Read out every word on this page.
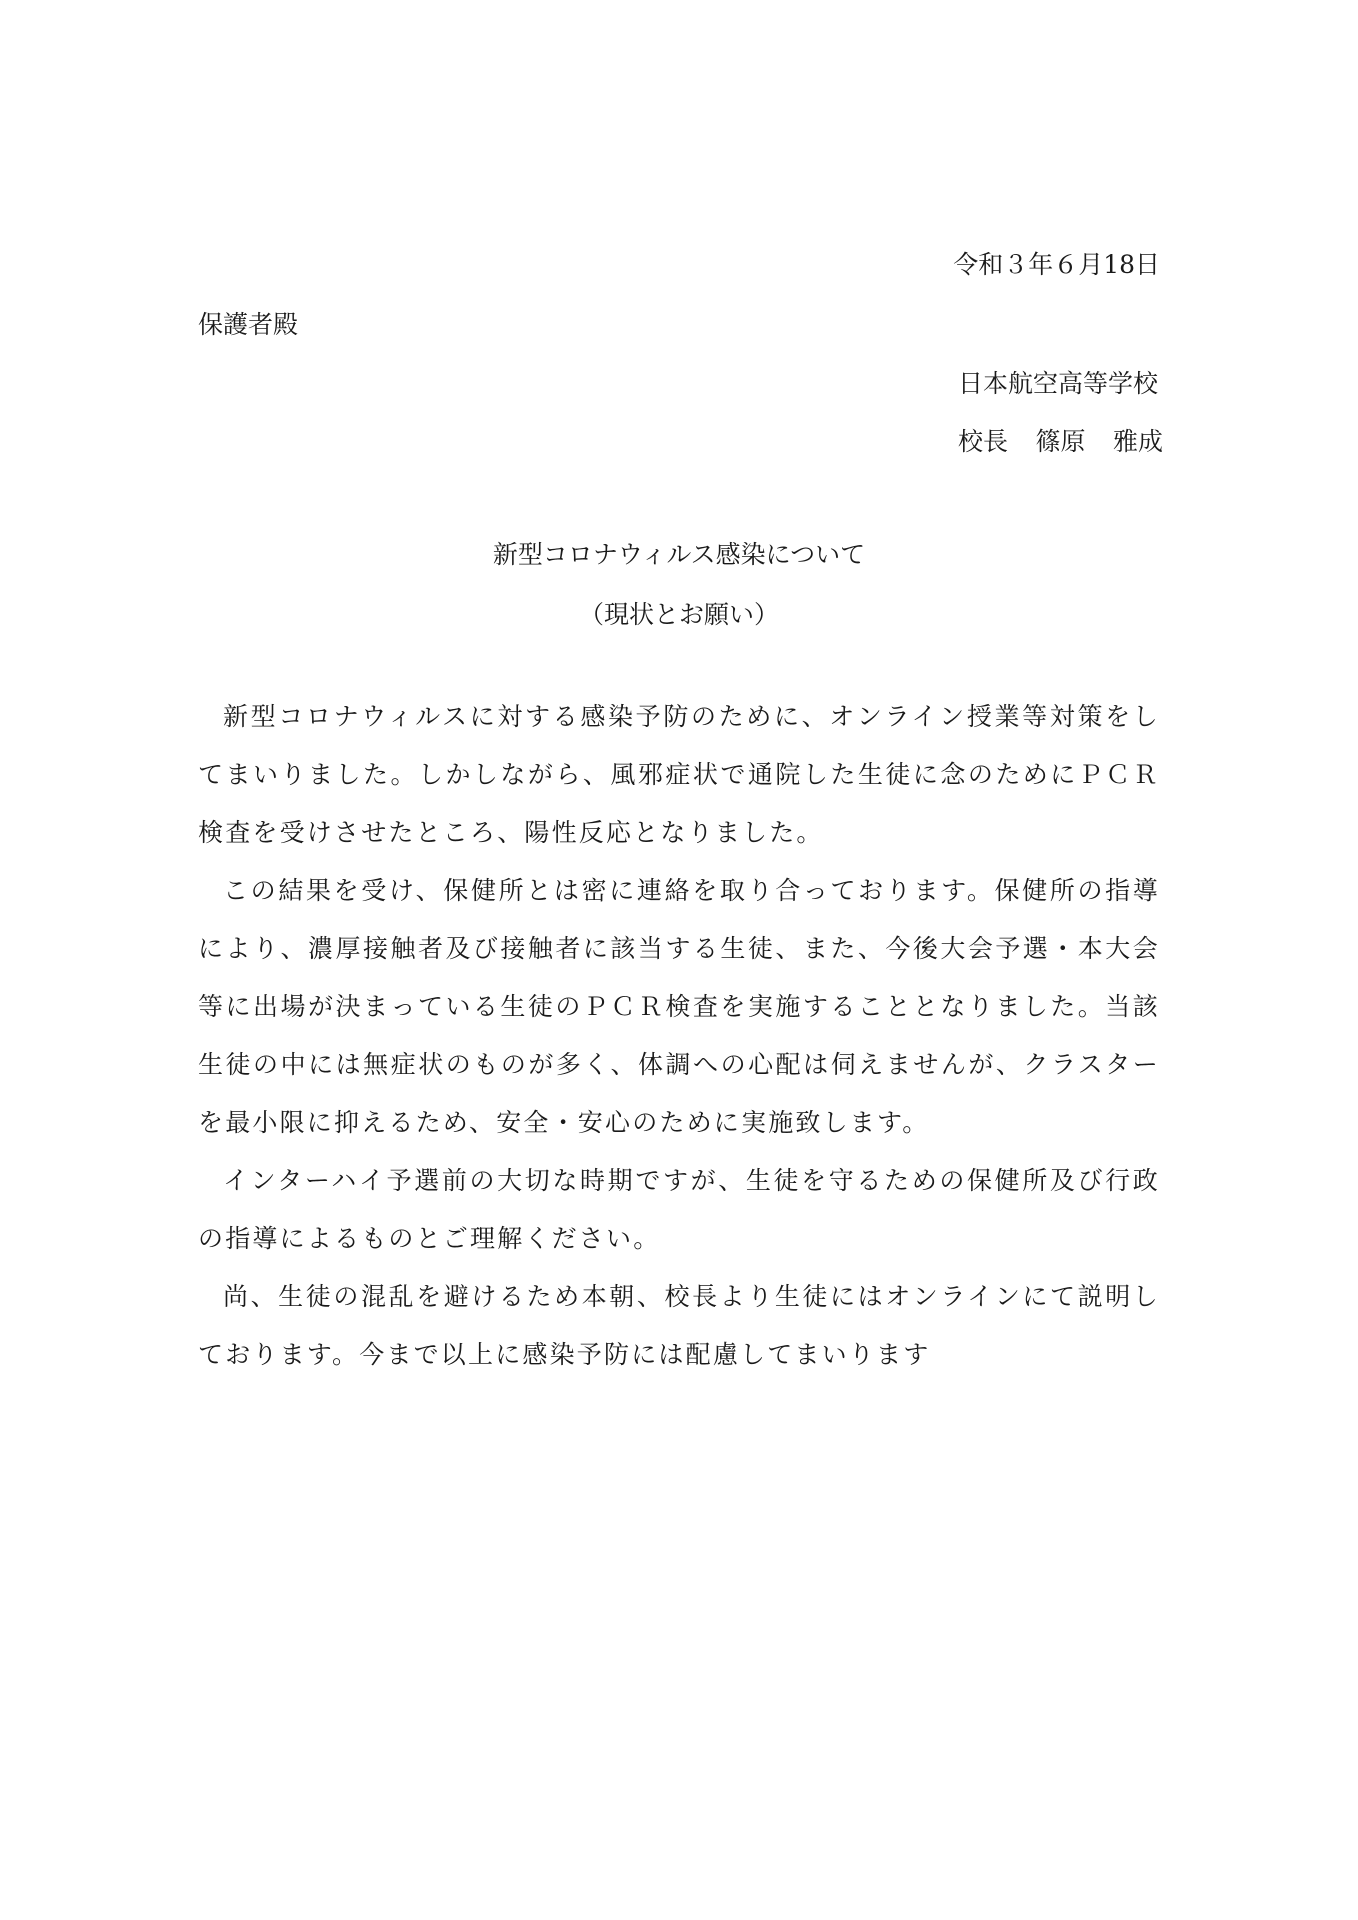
令和３年６月18日
保護者殿
日本航空高等学校
校長 篠原 雅成
新型コロナウィルス感染について
（現状とお願い）

新型コロナウィルスに対する感染予防のために、オンライン授業等対策をしてまいりました。しかしながら、風邪症状で通院した生徒に念のためにＰＣＲ検査を受けさせたところ、陽性反応となりました。

この結果を受け、保健所とは密に連絡を取り合っております。保健所の指導により、濃厚接触者及び接触者に該当する生徒、また、今後大会予選・本大会等に出場が決まっている生徒のＰＣＲ検査を実施することとなりました。当該生徒の中には無症状のものが多く、体調への心配は伺えませんが、クラスターを最小限に抑えるため、安全・安心のために実施致します。

インターハイ予選前の大切な時期ですが、生徒を守るための保健所及び行政の指導によるものとご理解ください。

尚、生徒の混乱を避けるため本朝、校長より生徒にはオンラインにて説明しております。今まで以上に感染予防には配慮してまいります
